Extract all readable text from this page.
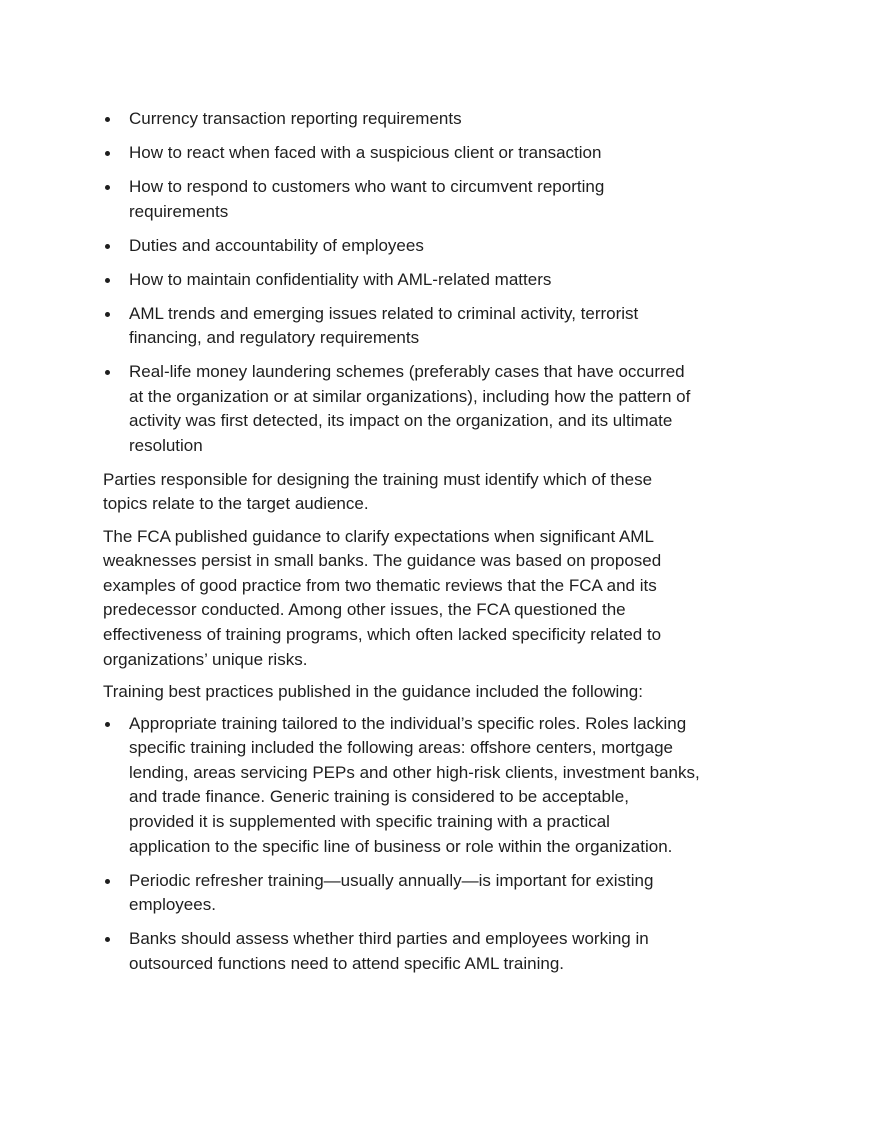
Currency transaction reporting requirements
How to react when faced with a suspicious client or transaction
How to respond to customers who want to circumvent reporting
requirements
Duties and accountability of employees
How to maintain confidentiality with AML-related matters
AML trends and emerging issues related to criminal activity, terrorist
financing, and regulatory requirements
Real-life money laundering schemes (preferably cases that have occurred
at the organization or at similar organizations), including how the pattern of
activity was first detected, its impact on the organization, and its ultimate
resolution
Parties responsible for designing the training must identify which of these
topics relate to the target audience.
The FCA published guidance to clarify expectations when significant AML
weaknesses persist in small banks. The guidance was based on proposed
examples of good practice from two thematic reviews that the FCA and its
predecessor conducted. Among other issues, the FCA questioned the
effectiveness of training programs, which often lacked specificity related to
organizations’ unique risks.
Training best practices published in the guidance included the following:
Appropriate training tailored to the individual’s specific roles. Roles lacking
specific training included the following areas: offshore centers, mortgage
lending, areas servicing PEPs and other high-risk clients, investment banks,
and trade finance. Generic training is considered to be acceptable,
provided it is supplemented with specific training with a practical
application to the specific line of business or role within the organization.
Periodic refresher training—usually annually—is important for existing
employees.
Banks should assess whether third parties and employees working in
outsourced functions need to attend specific AML training.
